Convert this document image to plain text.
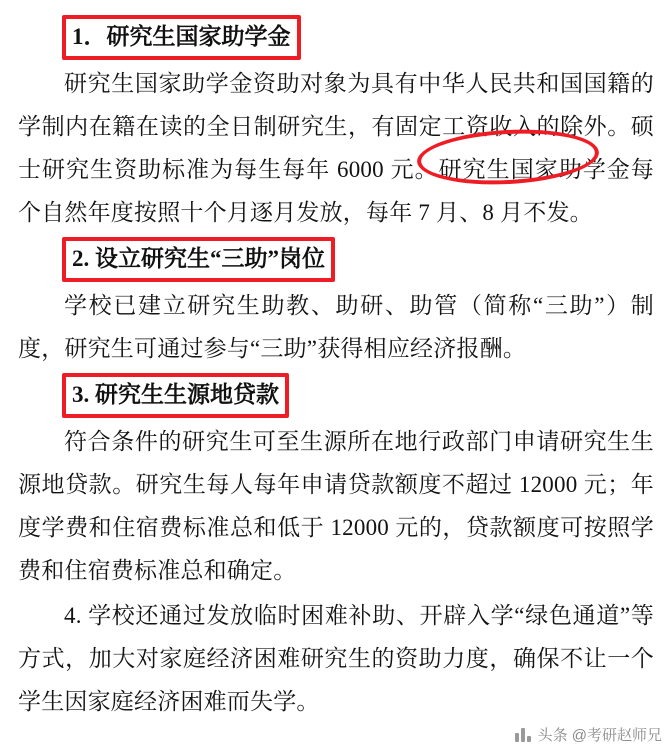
1．研究生国家助学金

研究生国家助学金资助对象为具有中华人民共和国国籍的学制内在籍在读的全日制研究生，有固定工资收入的除外。硕士研究生资助标准为每生每年 6000 元。研究生国家助学金每个自然年度按照十个月逐月发放，每年 7 月、8 月不发。

2. 设立研究生“三助”岗位

学校已建立研究生助教、助研、助管（简称“三助”）制度，研究生可通过参与“三助”获得相应经济报酬。

3. 研究生生源地贷款

符合条件的研究生可至生源所在地行政部门申请研究生生源地贷款。研究生每人每年申请贷款额度不超过 12000 元；年度学费和住宿费标准总和低于 12000 元的，贷款额度可按照学费和住宿费标准总和确定。

4. 学校还通过发放临时困难补助、开辟入学“绿色通道”等方式，加大对家庭经济困难研究生的资助力度，确保不让一个学生因家庭经济困难而失学。

头条 @考研赵师兄
